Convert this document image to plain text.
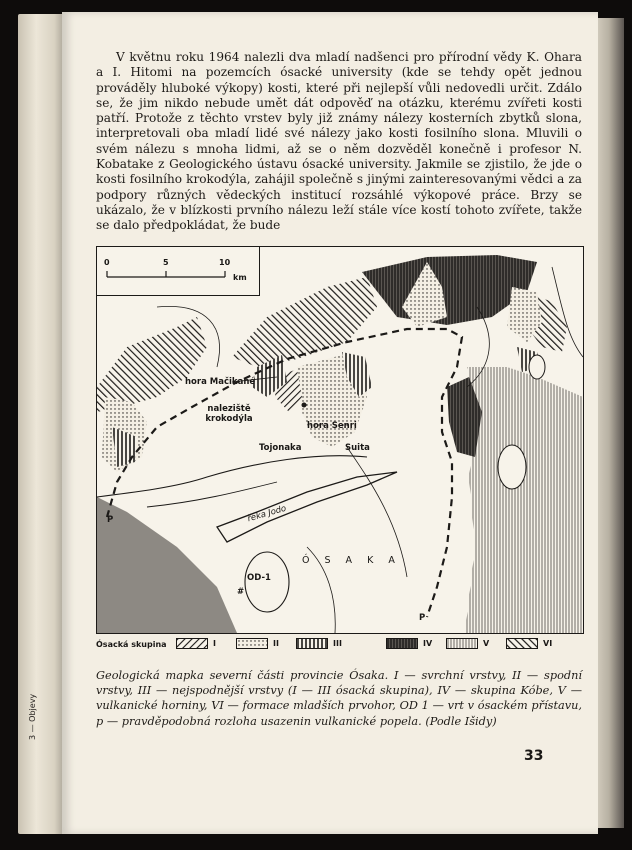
3 — Objevy

V květnu roku 1964 nalezli dva mladí nadšenci pro přírodní vědy K. Ohara a I. Hitomi na pozemcích ósacké university (kde se tehdy opět jednou prováděly hluboké výkopy) kosti, které při nejlepší vůli nedovedli určit. Zdálo se, že jim nikdo nebude umět dát odpověď na otázku, kterému zvířeti kosti patří. Protože z těchto vrstev byly již známy nálezy kosterních zbytků slona, interpretovali oba mladí lidé své nálezy jako kosti fosilního slona. Mluvili o svém nálezu s mnoha lidmi, až se o něm dozvěděl konečně i profesor N. Kobatake z Geologického ústavu ósacké university. Jakmile se zjistilo, že jde o kosti fosilního krokodýla, zahájil společně s jinými zainteresovanými vědci a za podpory různých vědeckých institucí rozsáhlé výkopové práce. Brzy se ukázalo, že v blízkosti prvního nálezu leží stále více kostí tohoto zvířete, takže se dalo předpokládat, že bude

0	5	10
km
hora Mačikané
naleziště krokodýla
hora Senri
Tojonaka	Suita
řeka Jodo
Ó S A K A
OD-1
#
P
P
Ósacká skupina	I	II	III	IV	V	VI
Geologická mapka severní části provincie Ósaka. I — svrchní vrstvy, II — spodní vrstvy, III — nejspodnější vrstvy (I — III ósacká skupina), IV — skupina Kóbe, V — vulkanické horniny, VI — formace mladších prvohor, OD 1 — vrt v ósackém přístavu, p — pravděpodobná rozloha usazenin vulkanické popela. (Podle Išidy)
33
